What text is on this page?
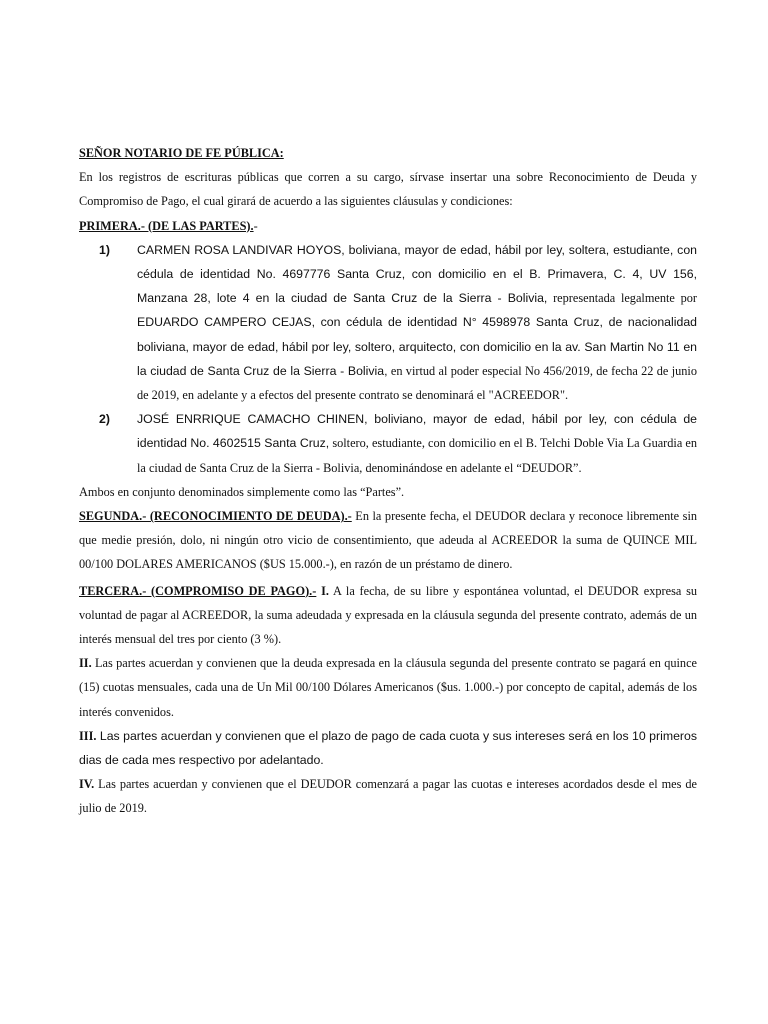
SEÑOR NOTARIO DE FE PÚBLICA:

En los registros de escrituras públicas que corren a su cargo, sírvase insertar una sobre Reconocimiento de Deuda y Compromiso de Pago, el cual girará de acuerdo a las siguientes cláusulas y condiciones:

PRIMERA.- (DE LAS PARTES).-

1)	CARMEN ROSA LANDIVAR HOYOS, boliviana, mayor de edad, hábil por ley, soltera, estudiante, con cédula de identidad No. 4697776 Santa Cruz, con domicilio en el B. Primavera, C. 4, UV 156, Manzana 28, lote 4 en la ciudad de Santa Cruz de la Sierra - Bolivia, representada legalmente por EDUARDO CAMPERO CEJAS, con cédula de identidad N° 4598978 Santa Cruz, de nacionalidad boliviana, mayor de edad, hábil por ley, soltero, arquitecto, con domicilio en la av. San Martin No 11 en la ciudad de Santa Cruz de la Sierra - Bolivia, en virtud al poder especial No 456/2019, de fecha 22 de junio de 2019, en adelante y a efectos del presente contrato se denominará el "ACREEDOR".
2)	JOSÉ ENRRIQUE CAMACHO CHINEN, boliviano, mayor de edad, hábil por ley, con cédula de identidad No. 4602515 Santa Cruz, soltero, estudiante, con domicilio en el B. Telchi Doble Via La Guardia en la ciudad de Santa Cruz de la Sierra - Bolivia, denominándose en adelante el “DEUDOR”.

Ambos en conjunto denominados simplemente como las “Partes”.

SEGUNDA.- (RECONOCIMIENTO DE DEUDA).- En la presente fecha, el DEUDOR declara y reconoce libremente sin que medie presión, dolo, ni ningún otro vicio de consentimiento, que adeuda al ACREEDOR la suma de QUINCE MIL 00/100 DOLARES AMERICANOS ($US 15.000.-), en razón de un préstamo de dinero.

TERCERA.- (COMPROMISO DE PAGO).- I. A la fecha, de su libre y espontánea voluntad, el DEUDOR expresa su voluntad de pagar al ACREEDOR, la suma adeudada y expresada en la cláusula segunda del presente contrato, además de un interés mensual del tres por ciento (3 %).

II. Las partes acuerdan y convienen que la deuda expresada en la cláusula segunda del presente contrato se pagará en quince (15) cuotas mensuales, cada una de Un Mil 00/100 Dólares Americanos ($us. 1.000.-) por concepto de capital, además de los interés convenidos.

III. Las partes acuerdan y convienen que el plazo de pago de cada cuota y sus intereses será en los 10 primeros dias de cada mes respectivo por adelantado.

IV. Las partes acuerdan y convienen que el DEUDOR comenzará a pagar las cuotas e intereses acordados desde el mes de julio de 2019.
